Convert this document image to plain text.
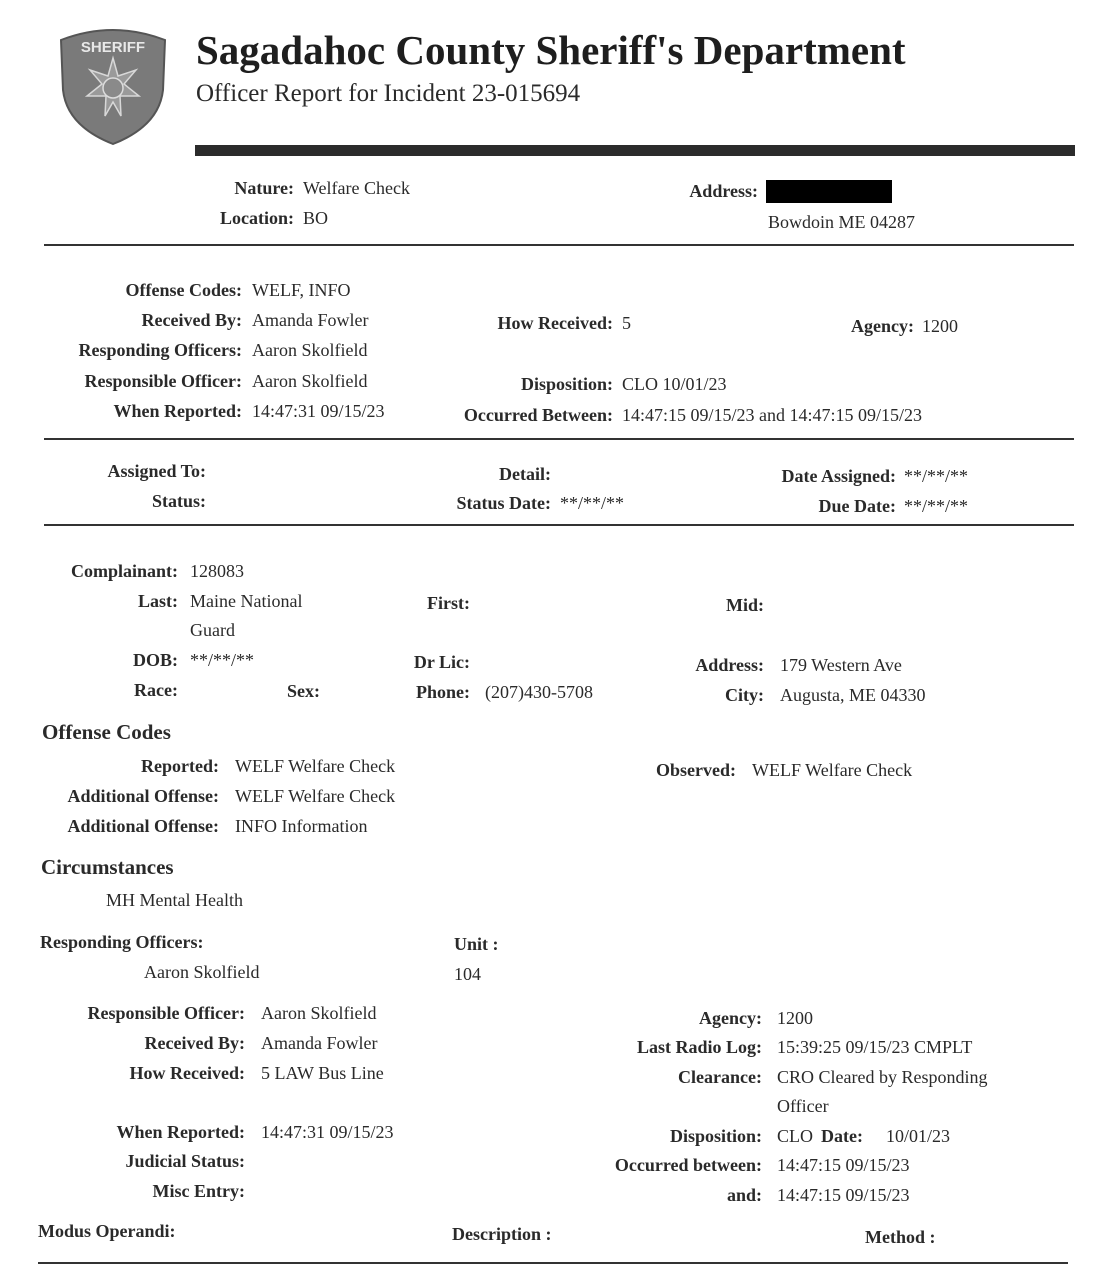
SHERIFF Sagadahoc County Sheriff's Department
Officer Report for Incident 23-015694
Nature: Welfare Check
Location: BO
Address:
Bowdoin ME 04287
Offense Codes: WELF, INFO
Received By: Amanda Fowler
Responding Officers: Aaron Skolfield
Responsible Officer: Aaron Skolfield
When Reported: 14:47:31 09/15/23
How Received: 5	Agency: 1200
Disposition: CLO 10/01/23
Occurred Between: 14:47:15 09/15/23 and 14:47:15 09/15/23
Assigned To:
Status:
Detail:
Status Date: **/**/**
Date Assigned: **/**/**
Due Date: **/**/**
Complainant: 128083
Last: Maine National
Guard
DOB: **/**/**
Race:	Sex:
First:
Dr Lic:
Phone: (207)430-5708
Mid:
Address: 179 Western Ave
City: Augusta, ME 04330
Offense Codes
Reported: WELF Welfare Check
Additional Offense: WELF Welfare Check
Additional Offense: INFO Information
Observed: WELF Welfare Check
Circumstances
MH Mental Health
Responding Officers:
Aaron Skolfield
Unit :
104
Responsible Officer: Aaron Skolfield
Received By: Amanda Fowler
How Received: 5 LAW Bus Line
When Reported: 14:47:31 09/15/23
Judicial Status:
Misc Entry:
Agency: 1200
Last Radio Log: 15:39:25 09/15/23 CMPLT
Clearance: CRO Cleared by Responding
Officer
Disposition: CLO Date: 10/01/23
Occurred between: 14:47:15 09/15/23
and: 14:47:15 09/15/23
Modus Operandi:	Description :	Method :
